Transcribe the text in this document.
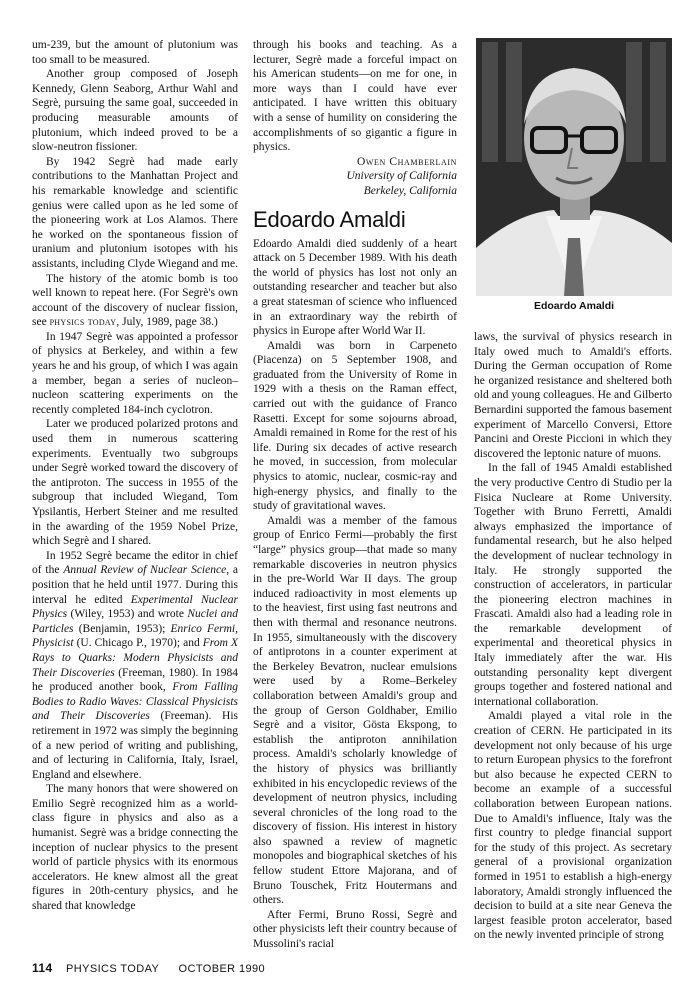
um-239, but the amount of plutonium was too small to be measured.

Another group composed of Joseph Kennedy, Glenn Seaborg, Arthur Wahl and Segrè, pursuing the same goal, succeeded in producing measurable amounts of plutonium, which indeed proved to be a slow-neutron fissioner.

By 1942 Segrè had made early contributions to the Manhattan Project and his remarkable knowledge and scientific genius were called upon as he led some of the pioneering work at Los Alamos. There he worked on the spontaneous fission of uranium and plutonium isotopes with his assistants, including Clyde Wiegand and me.

The history of the atomic bomb is too well known to repeat here. (For Segrè's own account of the discovery of nuclear fission, see physics today, July, 1989, page 38.)

In 1947 Segrè was appointed a professor of physics at Berkeley, and within a few years he and his group, of which I was again a member, began a series of nucleon–nucleon scattering experiments on the recently completed 184-inch cyclotron.

Later we produced polarized protons and used them in numerous scattering experiments. Eventually two subgroups under Segrè worked toward the discovery of the antiproton. The success in 1955 of the subgroup that included Wiegand, Tom Ypsilantis, Herbert Steiner and me resulted in the awarding of the 1959 Nobel Prize, which Segrè and I shared.

In 1952 Segrè became the editor in chief of the Annual Review of Nuclear Science, a position that he held until 1977. During this interval he edited Experimental Nuclear Physics (Wiley, 1953) and wrote Nuclei and Particles (Benjamin, 1953); Enrico Fermi, Physicist (U. Chicago P., 1970); and From X Rays to Quarks: Modern Physicists and Their Discoveries (Freeman, 1980). In 1984 he produced another book, From Falling Bodies to Radio Waves: Classical Physicists and Their Discoveries (Freeman). His retirement in 1972 was simply the beginning of a new period of writing and publishing, and of lecturing in California, Italy, Israel, England and elsewhere.

The many honors that were showered on Emilio Segrè recognized him as a world-class figure in physics and also as a humanist. Segrè was a bridge connecting the inception of nuclear physics to the present world of particle physics with its enormous accelerators. He knew almost all the great figures in 20th-century physics, and he shared that knowledge

through his books and teaching. As a lecturer, Segrè made a forceful impact on his American students—on me for one, in more ways than I could have ever anticipated. I have written this obituary with a sense of humility on considering the accomplishments of so gigantic a figure in physics.

Owen Chamberlain

University of California

Berkeley, California

Edoardo Amaldi

Edoardo Amaldi died suddenly of a heart attack on 5 December 1989. With his death the world of physics has lost not only an outstanding researcher and teacher but also a great statesman of science who influenced in an extraordinary way the rebirth of physics in Europe after World War II.

Amaldi was born in Carpeneto (Piacenza) on 5 September 1908, and graduated from the University of Rome in 1929 with a thesis on the Raman effect, carried out with the guidance of Franco Rasetti. Except for some sojourns abroad, Amaldi remained in Rome for the rest of his life. During six decades of active research he moved, in succession, from molecular physics to atomic, nuclear, cosmic-ray and high-energy physics, and finally to the study of gravitational waves.

Amaldi was a member of the famous group of Enrico Fermi—probably the first “large” physics group—that made so many remarkable discoveries in neutron physics in the pre-World War II days. The group induced radioactivity in most elements up to the heaviest, first using fast neutrons and then with thermal and resonance neutrons. In 1955, simultaneously with the discovery of antiprotons in a counter experiment at the Berkeley Bevatron, nuclear emulsions were used by a Rome–Berkeley collaboration between Amaldi's group and the group of Gerson Goldhaber, Emilio Segrè and a visitor, Gösta Ekspong, to establish the antiproton annihilation process. Amaldi's scholarly knowledge of the history of physics was brilliantly exhibited in his encyclopedic reviews of the development of neutron physics, including several chronicles of the long road to the discovery of fission. His interest in history also spawned a review of magnetic monopoles and biographical sketches of his fellow student Ettore Majorana, and of Bruno Touschek, Fritz Houtermans and others.

After Fermi, Bruno Rossi, Segrè and other physicists left their country because of Mussolini's racial

Edoardo Amaldi

laws, the survival of physics research in Italy owed much to Amaldi's efforts. During the German occupation of Rome he organized resistance and sheltered both old and young colleagues. He and Gilberto Bernardini supported the famous basement experiment of Marcello Conversi, Ettore Pancini and Oreste Piccioni in which they discovered the leptonic nature of muons.

In the fall of 1945 Amaldi established the very productive Centro di Studio per la Fisica Nucleare at Rome University. Together with Bruno Ferretti, Amaldi always emphasized the importance of fundamental research, but he also helped the development of nuclear technology in Italy. He strongly supported the construction of accelerators, in particular the pioneering electron machines in Frascati. Amaldi also had a leading role in the remarkable development of experimental and theoretical physics in Italy immediately after the war. His outstanding personality kept divergent groups together and fostered national and international collaboration.

Amaldi played a vital role in the creation of CERN. He participated in its development not only because of his urge to return European physics to the forefront but also because he expected CERN to become an example of a successful collaboration between European nations. Due to Amaldi's influence, Italy was the first country to pledge financial support for the study of this project. As secretary general of a provisional organization formed in 1951 to establish a high-energy laboratory, Amaldi strongly influenced the decision to build at a site near Geneva the largest feasible proton accelerator, based on the newly invented principle of strong

114 PHYSICS TODAY OCTOBER 1990
